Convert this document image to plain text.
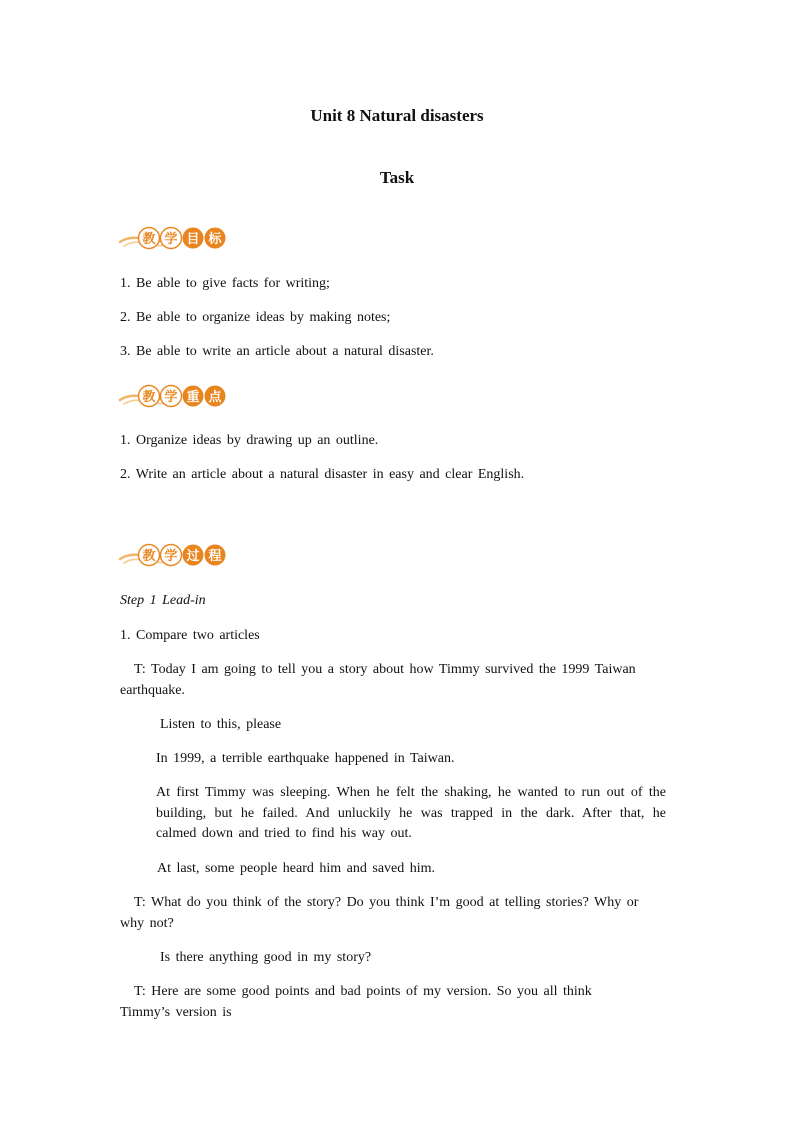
Unit 8 Natural disasters
Task
教 学 目 标
1. Be able to give facts for writing;
2. Be able to organize ideas by making notes;
3. Be able to write an article about a natural disaster.
教 学 重 点
1. Organize ideas by drawing up an outline.
2. Write an article about a natural disaster in easy and clear English.
教 学 过 程
Step 1 Lead-in
1. Compare two articles
T: Today I am going to tell you a story about how Timmy survived the 1999 Taiwan earthquake.
Listen to this, please
In 1999, a terrible earthquake happened in Taiwan.
At first Timmy was sleeping. When he felt the shaking, he wanted to run out of the building, but he failed. And unluckily he was trapped in the dark. After that, he calmed down and tried to find his way out.
At last, some people heard him and saved him.
T: What do you think of the story? Do you think I’m good at telling stories? Why or why not?
Is there anything good in my story?
T: Here are some good points and bad points of my version. So you all think Timmy’s version is
